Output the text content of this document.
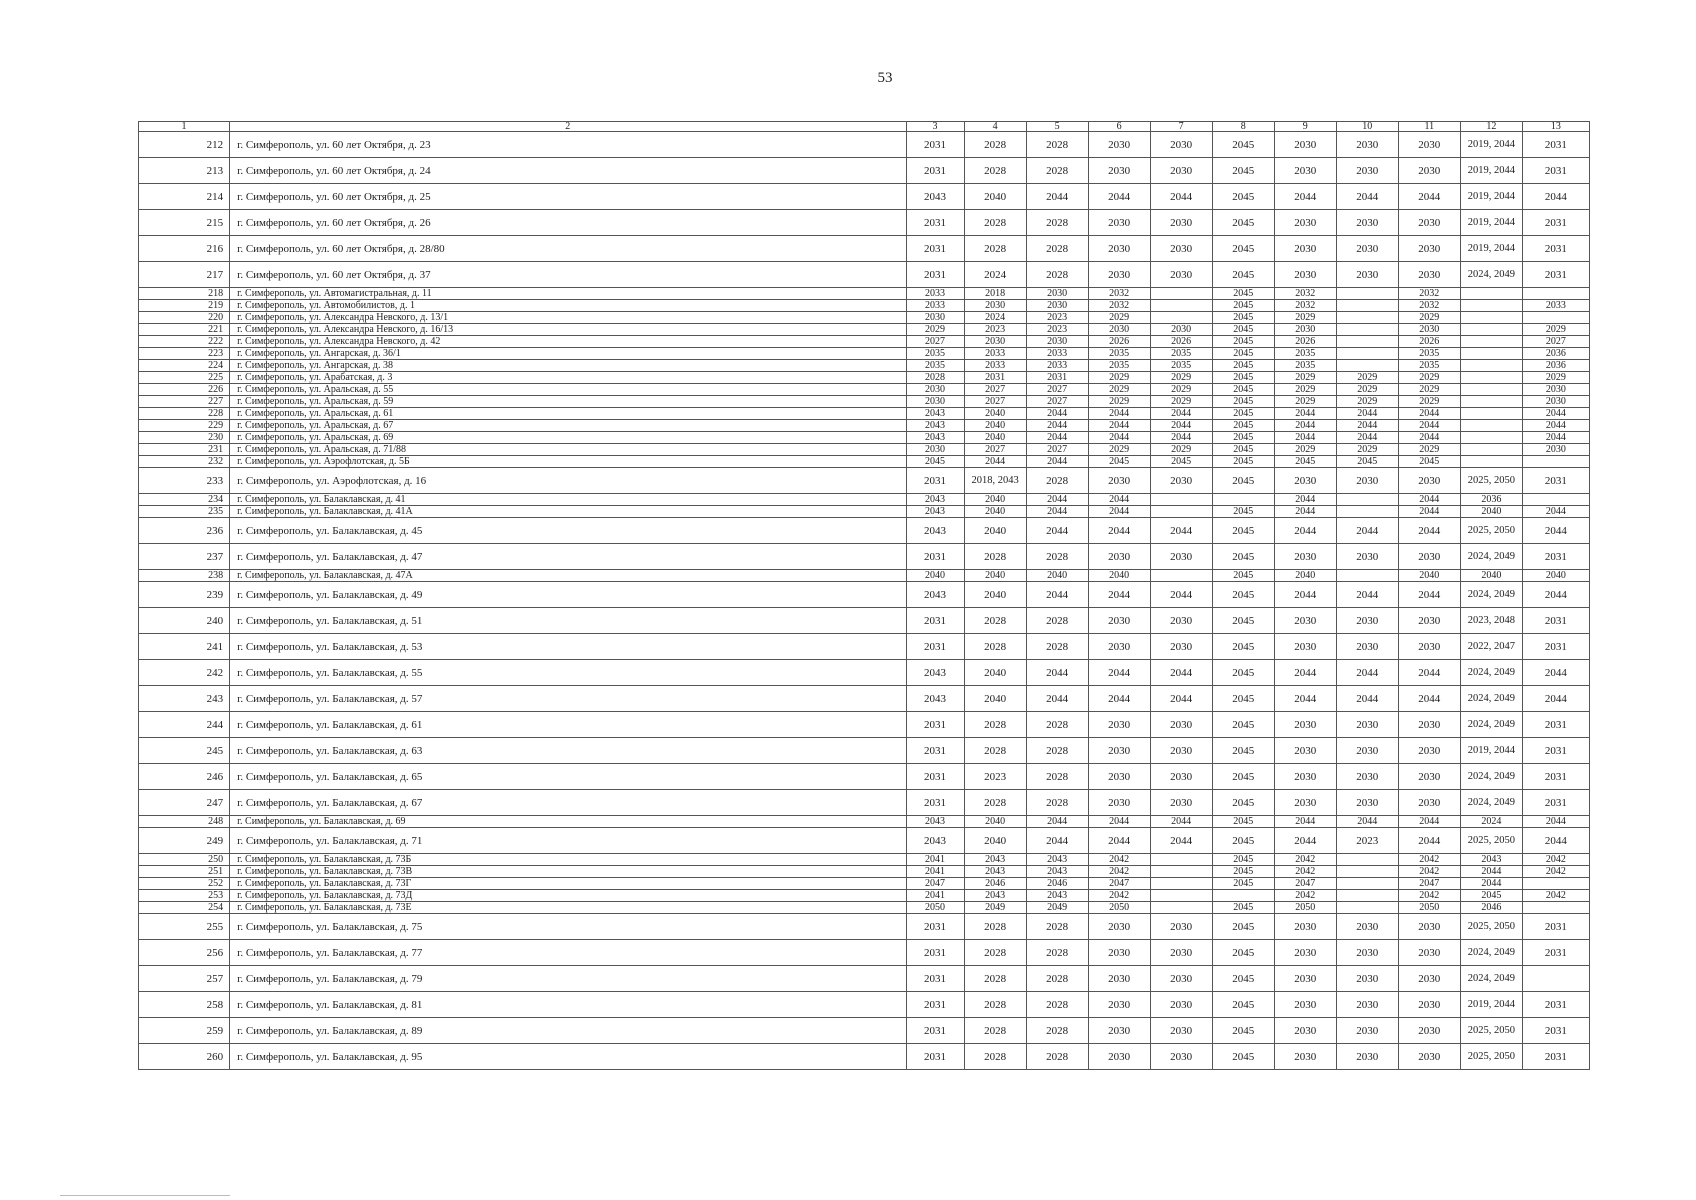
53
1	2	3	4	5	6	7	8	9	10	11	12	13
212	г. Симферополь, ул. 60 лет Октября, д. 23	2031	2028	2028	2030	2030	2045	2030	2030	2030	2019, 2044	2031
213	г. Симферополь, ул. 60 лет Октября, д. 24	2031	2028	2028	2030	2030	2045	2030	2030	2030	2019, 2044	2031
214	г. Симферополь, ул. 60 лет Октября, д. 25	2043	2040	2044	2044	2044	2045	2044	2044	2044	2019, 2044	2044
215	г. Симферополь, ул. 60 лет Октября, д. 26	2031	2028	2028	2030	2030	2045	2030	2030	2030	2019, 2044	2031
216	г. Симферополь, ул. 60 лет Октября, д. 28/80	2031	2028	2028	2030	2030	2045	2030	2030	2030	2019, 2044	2031
217	г. Симферополь, ул. 60 лет Октября, д. 37	2031	2024	2028	2030	2030	2045	2030	2030	2030	2024, 2049	2031
218	г. Симферополь, ул. Автомагистральная, д. 11	2033	2018	2030	2032		2045	2032		2032		
219	г. Симферополь, ул. Автомобилистов, д. 1	2033	2030	2030	2032		2045	2032		2032		2033
220	г. Симферополь, ул. Александра Невского, д. 13/1	2030	2024	2023	2029		2045	2029		2029		
221	г. Симферополь, ул. Александра Невского, д. 16/13	2029	2023	2023	2030	2030	2045	2030		2030		2029
222	г. Симферополь, ул. Александра Невского, д. 42	2027	2030	2030	2026	2026	2045	2026		2026		2027
223	г. Симферополь, ул. Ангарская, д. 36/1	2035	2033	2033	2035	2035	2045	2035		2035		2036
224	г. Симферополь, ул. Ангарская, д. 38	2035	2033	2033	2035	2035	2045	2035		2035		2036
225	г. Симферополь, ул. Арабатская, д. 3	2028	2031	2031	2029	2029	2045	2029	2029	2029		2029
226	г. Симферополь, ул. Аральская, д. 55	2030	2027	2027	2029	2029	2045	2029	2029	2029		2030
227	г. Симферополь, ул. Аральская, д. 59	2030	2027	2027	2029	2029	2045	2029	2029	2029		2030
228	г. Симферополь, ул. Аральская, д. 61	2043	2040	2044	2044	2044	2045	2044	2044	2044		2044
229	г. Симферополь, ул. Аральская, д. 67	2043	2040	2044	2044	2044	2045	2044	2044	2044		2044
230	г. Симферополь, ул. Аральская, д. 69	2043	2040	2044	2044	2044	2045	2044	2044	2044		2044
231	г. Симферополь, ул. Аральская, д. 71/88	2030	2027	2027	2029	2029	2045	2029	2029	2029		2030
232	г. Симферополь, ул. Аэрофлотская, д. 5Б	2045	2044	2044	2045	2045	2045	2045	2045	2045		
233	г. Симферополь, ул. Аэрофлотская, д. 16	2031	2018, 2043	2028	2030	2030	2045	2030	2030	2030	2025, 2050	2031
234	г. Симферополь, ул. Балаклавская, д. 41	2043	2040	2044	2044			2044		2044	2036	
235	г. Симферополь, ул. Балаклавская, д. 41А	2043	2040	2044	2044		2045	2044		2044	2040	2044
236	г. Симферополь, ул. Балаклавская, д. 45	2043	2040	2044	2044	2044	2045	2044	2044	2044	2025, 2050	2044
237	г. Симферополь, ул. Балаклавская, д. 47	2031	2028	2028	2030	2030	2045	2030	2030	2030	2024, 2049	2031
238	г. Симферополь, ул. Балаклавская, д. 47А	2040	2040	2040	2040		2045	2040		2040	2040	2040
239	г. Симферополь, ул. Балаклавская, д. 49	2043	2040	2044	2044	2044	2045	2044	2044	2044	2024, 2049	2044
240	г. Симферополь, ул. Балаклавская, д. 51	2031	2028	2028	2030	2030	2045	2030	2030	2030	2023, 2048	2031
241	г. Симферополь, ул. Балаклавская, д. 53	2031	2028	2028	2030	2030	2045	2030	2030	2030	2022, 2047	2031
242	г. Симферополь, ул. Балаклавская, д. 55	2043	2040	2044	2044	2044	2045	2044	2044	2044	2024, 2049	2044
243	г. Симферополь, ул. Балаклавская, д. 57	2043	2040	2044	2044	2044	2045	2044	2044	2044	2024, 2049	2044
244	г. Симферополь, ул. Балаклавская, д. 61	2031	2028	2028	2030	2030	2045	2030	2030	2030	2024, 2049	2031
245	г. Симферополь, ул. Балаклавская, д. 63	2031	2028	2028	2030	2030	2045	2030	2030	2030	2019, 2044	2031
246	г. Симферополь, ул. Балаклавская, д. 65	2031	2023	2028	2030	2030	2045	2030	2030	2030	2024, 2049	2031
247	г. Симферополь, ул. Балаклавская, д. 67	2031	2028	2028	2030	2030	2045	2030	2030	2030	2024, 2049	2031
248	г. Симферополь, ул. Балаклавская, д. 69	2043	2040	2044	2044	2044	2045	2044	2044	2044	2024	2044
249	г. Симферополь, ул. Балаклавская, д. 71	2043	2040	2044	2044	2044	2045	2044	2023	2044	2025, 2050	2044
250	г. Симферополь, ул. Балаклавская, д. 73Б	2041	2043	2043	2042		2045	2042		2042	2043	2042
251	г. Симферополь, ул. Балаклавская, д. 73В	2041	2043	2043	2042		2045	2042		2042	2044	2042
252	г. Симферополь, ул. Балаклавская, д. 73Г	2047	2046	2046	2047		2045	2047		2047	2044	
253	г. Симферополь, ул. Балаклавская, д. 73Д	2041	2043	2043	2042			2042		2042	2045	2042
254	г. Симферополь, ул. Балаклавская, д. 73Е	2050	2049	2049	2050		2045	2050		2050	2046	
255	г. Симферополь, ул. Балаклавская, д. 75	2031	2028	2028	2030	2030	2045	2030	2030	2030	2025, 2050	2031
256	г. Симферополь, ул. Балаклавская, д. 77	2031	2028	2028	2030	2030	2045	2030	2030	2030	2024, 2049	2031
257	г. Симферополь, ул. Балаклавская, д. 79	2031	2028	2028	2030	2030	2045	2030	2030	2030	2024, 2049	
258	г. Симферополь, ул. Балаклавская, д. 81	2031	2028	2028	2030	2030	2045	2030	2030	2030	2019, 2044	2031
259	г. Симферополь, ул. Балаклавская, д. 89	2031	2028	2028	2030	2030	2045	2030	2030	2030	2025, 2050	2031
260	г. Симферополь, ул. Балаклавская, д. 95	2031	2028	2028	2030	2030	2045	2030	2030	2030	2025, 2050	2031
